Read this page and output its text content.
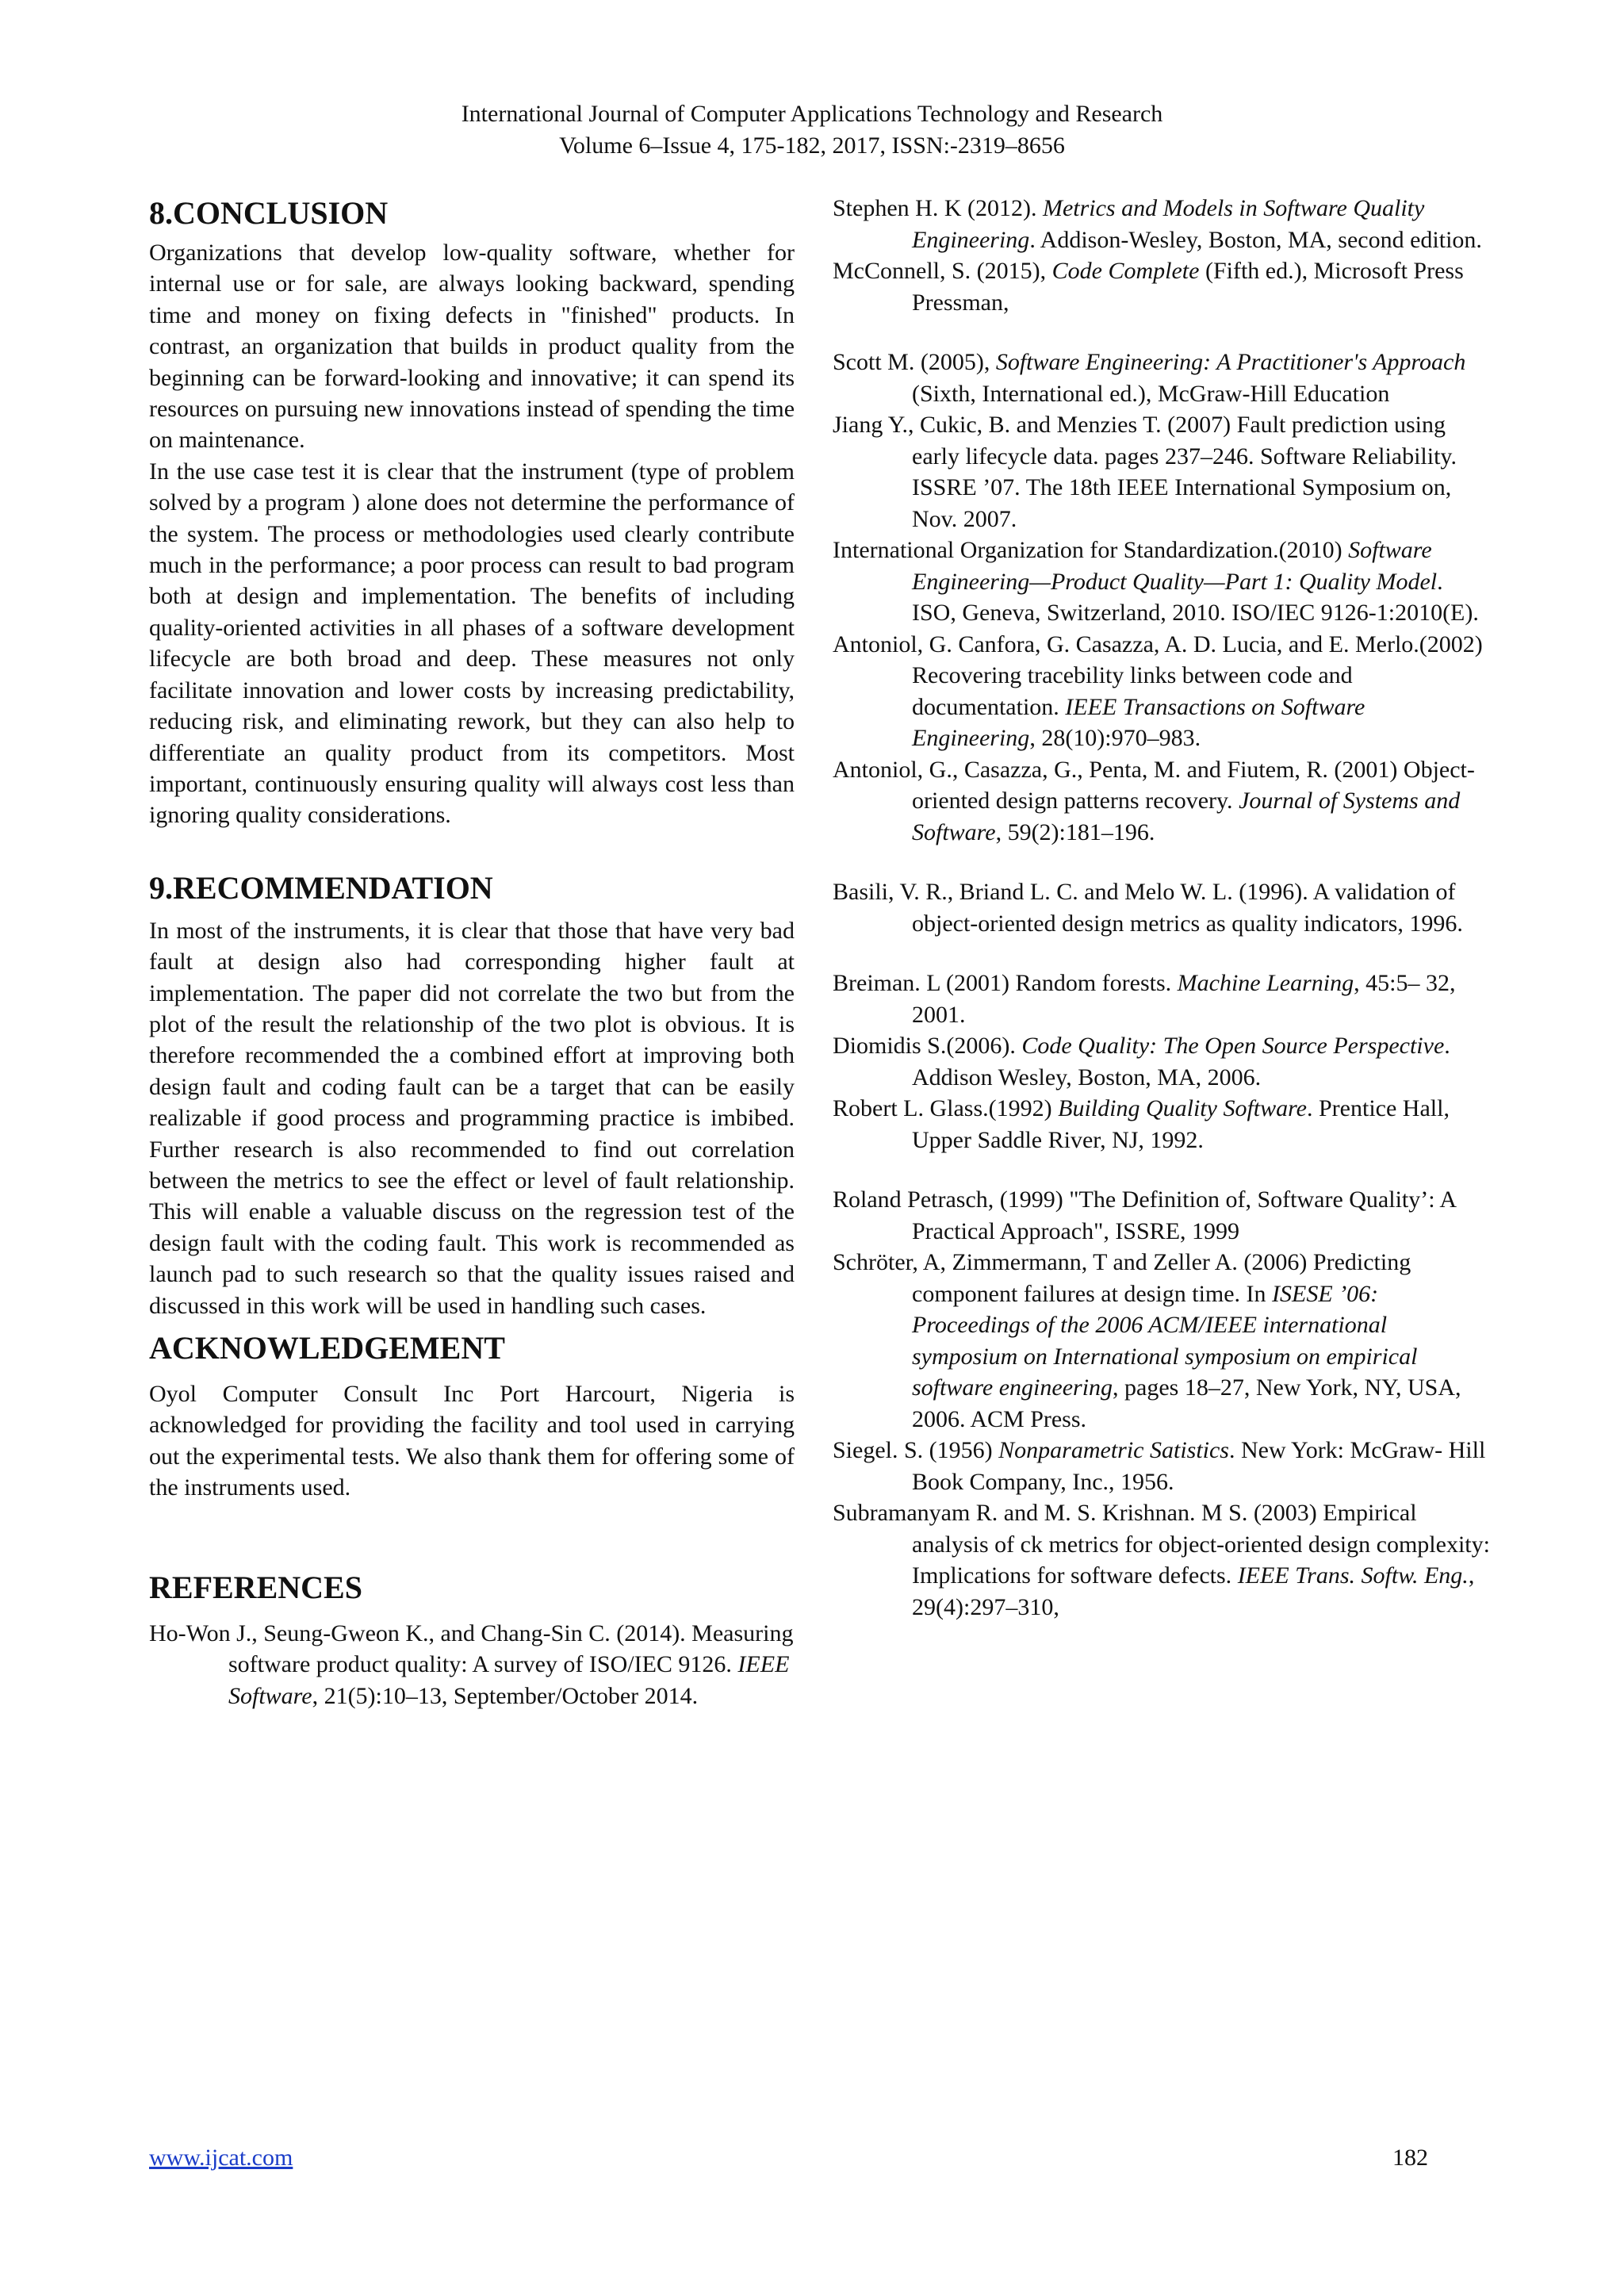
International Journal of Computer Applications Technology and Research
Volume 6–Issue 4, 175-182, 2017, ISSN:-2319–8656
8.CONCLUSION

Organizations that develop low-quality software, whether for internal use or for sale, are always looking backward, spending time and money on fixing defects in "finished" products. In contrast, an organization that builds in product quality from the beginning can be forward-looking and innovative; it can spend its resources on pursuing new innovations instead of spending the time on maintenance.

In the use case test it is clear that the instrument (type of problem solved by a program ) alone does not determine the performance of the system. The process or methodologies used clearly contribute much in the performance; a poor process can result to bad program both at design and implementation. The benefits of including quality-oriented activities in all phases of a software development lifecycle are both broad and deep. These measures not only facilitate innovation and lower costs by increasing predictability, reducing risk, and eliminating rework, but they can also help to differentiate an quality product from its competitors. Most important, continuously ensuring quality will always cost less than ignoring quality considerations.

9.RECOMMENDATION

In most of the instruments, it is clear that those that have very bad fault at design also had corresponding higher fault at implementation. The paper did not correlate the two but from the plot of the result the relationship of the two plot is obvious. It is therefore recommended the a combined effort at improving both design fault and coding fault can be a target that can be easily realizable if good process and programming practice is imbibed. Further research is also recommended to find out correlation between the metrics to see the effect or level of fault relationship. This will enable a valuable discuss on the regression test of the design fault with the coding fault. This work is recommended as launch pad to such research so that the quality issues raised and discussed in this work will be used in handling such cases.

ACKNOWLEDGEMENT

Oyol Computer Consult Inc Port Harcourt, Nigeria is acknowledged for providing the facility and tool used in carrying out the experimental tests. We also thank them for offering some of the instruments used.

REFERENCES

Ho-Won J., Seung-Gweon K., and Chang-Sin C. (2014). Measuring software product quality: A survey of ISO/IEC 9126. IEEE Software, 21(5):10–13, September/October 2014.

Stephen H. K (2012). Metrics and Models in Software Quality Engineering. Addison-Wesley, Boston, MA, second edition.

McConnell, S. (2015), Code Complete (Fifth ed.), Microsoft Press Pressman,

Scott M. (2005), Software Engineering: A Practitioner's Approach (Sixth, International ed.), McGraw-Hill Education

Jiang Y., Cukic, B. and Menzies T. (2007) Fault prediction using early lifecycle data. pages 237–246. Software Reliability. ISSRE ’07. The 18th IEEE International Symposium on, Nov. 2007.

International Organization for Standardization.(2010) Software Engineering—Product Quality—Part 1: Quality Model. ISO, Geneva, Switzerland, 2010. ISO/IEC 9126-1:2010(E).

Antoniol, G. Canfora, G. Casazza, A. D. Lucia, and E. Merlo.(2002) Recovering tracebility links between code and documentation. IEEE Transactions on Software Engineering, 28(10):970–983.

Antoniol, G., Casazza, G., Penta, M. and Fiutem, R. (2001) Object-oriented design patterns recovery. Journal of Systems and Software, 59(2):181–196.

Basili, V. R., Briand L. C. and Melo W. L. (1996). A validation of object-oriented design metrics as quality indicators, 1996.

Breiman. L (2001) Random forests. Machine Learning, 45:5– 32, 2001.

Diomidis S.(2006). Code Quality: The Open Source Perspective. Addison Wesley, Boston, MA, 2006.

Robert L. Glass.(1992) Building Quality Software. Prentice Hall, Upper Saddle River, NJ, 1992.

Roland Petrasch, (1999) "The Definition of, Software Quality’: A Practical Approach", ISSRE, 1999

Schröter, A, Zimmermann, T and Zeller A. (2006) Predicting component failures at design time. In ISESE ’06: Proceedings of the 2006 ACM/IEEE international symposium on International symposium on empirical software engineering, pages 18–27, New York, NY, USA, 2006. ACM Press.

Siegel. S. (1956) Nonparametric Satistics. New York: McGraw- Hill Book Company, Inc., 1956.

Subramanyam R. and M. S. Krishnan. M S. (2003) Empirical analysis of ck metrics for object-oriented design complexity: Implications for software defects. IEEE Trans. Softw. Eng., 29(4):297–310,

www.ijcat.com	182
